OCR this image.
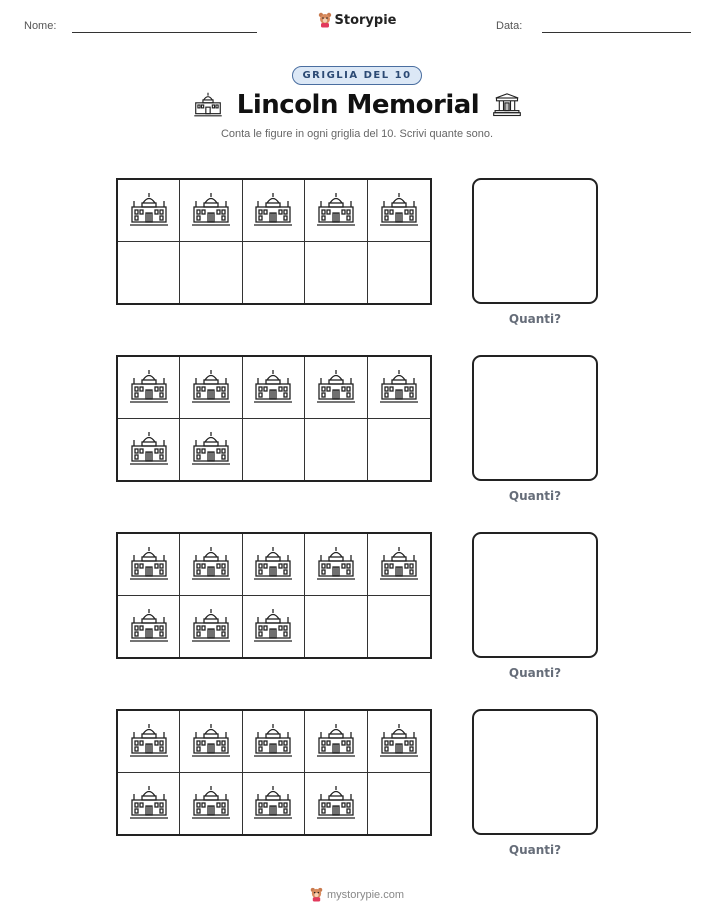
Nome:	Storypie	Data:
GRIGLIA DEL 10
Lincoln Memorial
Conta le figure in ogni griglia del 10. Scrivi quante sono.
Quanti?
Quanti?
Quanti?
Quanti?
mystorypie.com
